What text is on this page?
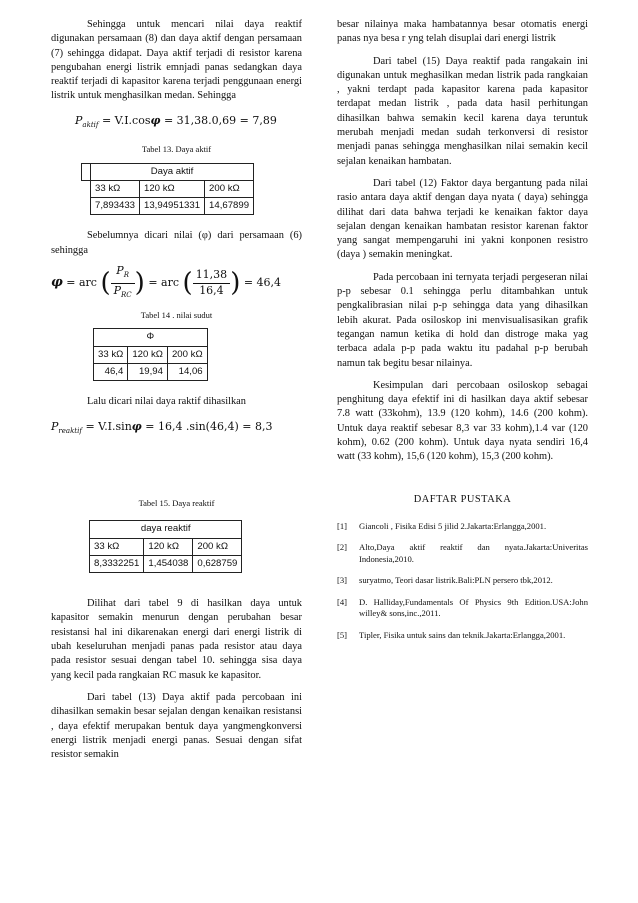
Sehingga untuk mencari nilai daya reaktif digunakan persamaan (8) dan daya aktif dengan persamaan (7) sehingga didapat. Daya aktif terjadi di resistor karena pengubahan energi listrik emnjadi panas sedangkan daya reaktif terjadi di kapasitor karena terjadi penggunaan energi listrik untuk menghasilkan medan. Sehingga

$P_{aktif} = V.I.\cos\varphi = 31,38.0,69 = 7,89$
Tabel 13. Daya aktif
	Daya aktif		
	33 kΩ	120 kΩ	200 kΩ
	7,893433	13,94951331	14,67899

Sebelumnya dicari nilai (φ) dari persamaan (6) sehingga

φ = arc ( $\frac{P_R}{P_{RC}}$ ) = arc ( $\frac{11,38}{16,4}$ ) = 46,4
Tabel 14 . nilai sudut
Φ		
33 kΩ	120 kΩ	200 kΩ
46,4	19,94	14,06

Lalu dicari nilai daya raktif dihasilkan

$P_{reaktif} = V.I.\sin\varphi = 16,4$ .sin(46,4) = 8,3
Tabel 15. Daya reaktif
daya reaktif		
33 kΩ	120 kΩ	200 kΩ
8,3332251	1,454038	0,628759

Dilihat dari tabel 9 di hasilkan daya untuk kapasitor semakin menurun dengan perubahan besar resistansi hal ini dikarenakan energi dari energi listrik di ubah keseluruhan menjadi panas pada resistor atau daya pada resistor sesuai dengan tabel 10. sehingga sisa daya yang kecil pada rangkaian RC masuk ke kapasitor.

Dari tabel (13) Daya aktif pada percobaan ini dihasilkan semakin besar sejalan dengan kenaikan resistansi , daya efektif merupakan bentuk daya yangmengkonversi energi listrik menjadi energi panas. Sesuai dengan sifat resistor semakin

besar nilainya maka hambatannya besar otomatis energi panas nya besa r yng telah disuplai dari energi listrik

Dari tabel (15) Daya reaktif pada rangakain ini digunakan untuk meghasilkan medan listrik pada rangkaian , yakni terdapt pada kapasitor karena pada kapasitor terdapat medan listrik , pada data hasil perhitungan dihasilkan bahwa semakin kecil karena daya teruntuk merubah menjadi medan sudah terkonversi di resistor menjadi panas sehingga menghasilkan nilai semakin kecil sejalan kenaikan hambatan.

Dari tabel (12) Faktor daya bergantung pada nilai rasio antara daya aktif dengan daya nyata ( daya) sehingga dilihat dari data bahwa terjadi ke kenaikan faktor daya sejalan dengan kenaikan hambatan resistor karenan faktor yang sangat mempengaruhi ini yakni konponen resistro (daya ) semakin meningkat.

Pada percobaan ini ternyata terjadi pergeseran nilai p-p sebesar 0.1 sehingga perlu ditambahkan untuk pengkalibrasian nilai p-p sehingga data yang dihasilkan lebih akurat. Pada osiloskop ini menvisualisasikan grafik tegangan namun ketika di hold dan distroge maka yag terbaca adala p-p pada waktu itu padahal p-p berubah namun tak begitu besar nilainya.

Kesimpulan dari percobaan osiloskop sebagai penghitung daya efektif ini di hasilkan daya aktif sebesar 7.8 watt (33kohm), 13.9 (120 kohm), 14.6 (200 kohm). Untuk daya reaktif sebesar 8,3 var 33 kohm),1.4 var (120 kohm), 0.62 (200 kohm). Untuk daya nyata sendiri 16,4 watt (33 kohm), 15,6 (120 kohm), 15,3 (200 kohm).

DAFTAR PUSTAKA
[1]	Giancoli , Fisika Edisi 5 jilid 2.Jakarta:Erlangga,2001.
[2]	Alto,Daya aktif reaktif dan nyata.Jakarta:Univeritas Indonesia,2010.
[3]	suryatmo, Teori dasar listrik.Bali:PLN persero tbk,2012.
[4]	D. Halliday,Fundamentals Of Physics 9th Edition.USA:John willey& sons,inc.,2011.
[5]	Tipler, Fisika untuk sains dan teknik.Jakarta:Erlangga,2001.
